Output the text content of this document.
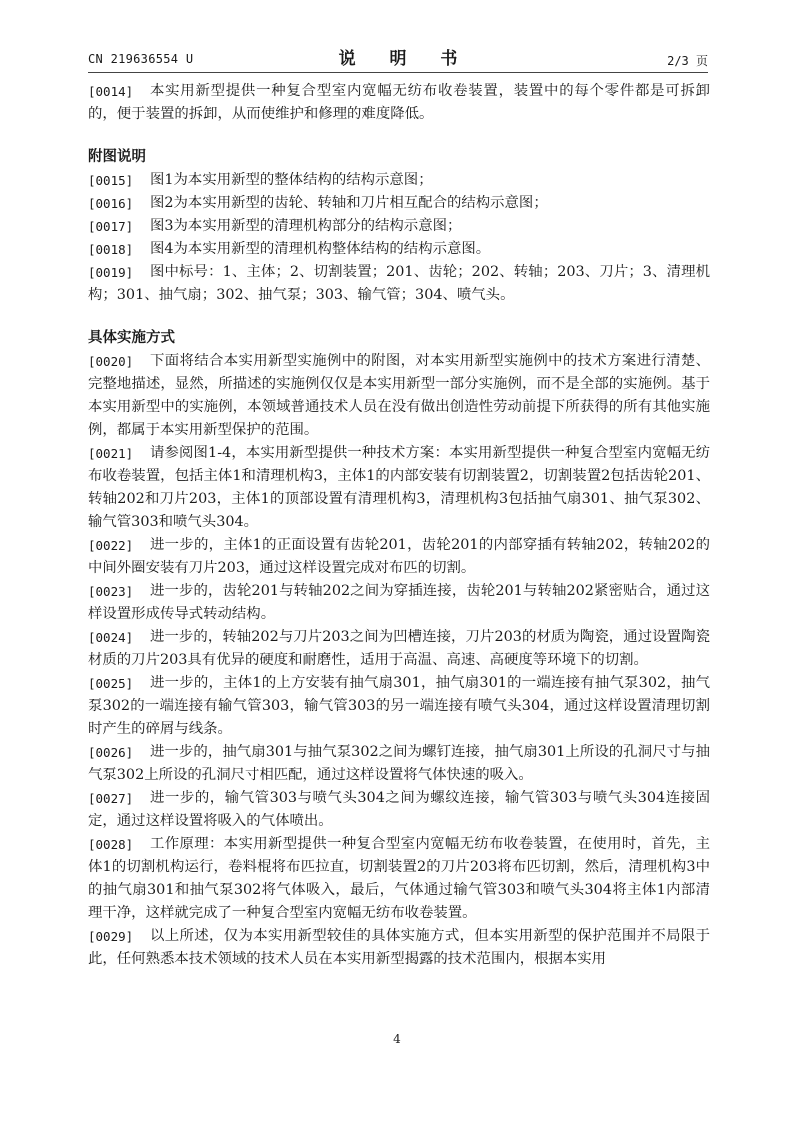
CN 219636554 U	说 明 书	2/3 页

[0014]	本实用新型提供一种复合型室内宽幅无纺布收卷装置，装置中的每个零件都是可拆卸的，便于装置的拆卸，从而使维护和修理的难度降低。

附图说明

[0015]	图1为本实用新型的整体结构的结构示意图；

[0016]	图2为本实用新型的齿轮、转轴和刀片相互配合的结构示意图；

[0017]	图3为本实用新型的清理机构部分的结构示意图；

[0018]	图4为本实用新型的清理机构整体结构的结构示意图。

[0019]	图中标号：1、主体；2、切割装置；201、齿轮；202、转轴；203、刀片；3、清理机构；301、抽气扇；302、抽气泵；303、输气管；304、喷气头。

具体实施方式

[0020]	下面将结合本实用新型实施例中的附图，对本实用新型实施例中的技术方案进行清楚、完整地描述，显然，所描述的实施例仅仅是本实用新型一部分实施例，而不是全部的实施例。基于本实用新型中的实施例，本领域普通技术人员在没有做出创造性劳动前提下所获得的所有其他实施例，都属于本实用新型保护的范围。

[0021]	请参阅图1-4，本实用新型提供一种技术方案：本实用新型提供一种复合型室内宽幅无纺布收卷装置，包括主体1和清理机构3，主体1的内部安装有切割装置2，切割装置2包括齿轮201、转轴202和刀片203，主体1的顶部设置有清理机构3，清理机构3包括抽气扇301、抽气泵302、输气管303和喷气头304。

[0022]	进一步的，主体1的正面设置有齿轮201，齿轮201的内部穿插有转轴202，转轴202的中间外圈安装有刀片203，通过这样设置完成对布匹的切割。

[0023]	进一步的，齿轮201与转轴202之间为穿插连接，齿轮201与转轴202紧密贴合，通过这样设置形成传导式转动结构。

[0024]	进一步的，转轴202与刀片203之间为凹槽连接，刀片203的材质为陶瓷，通过设置陶瓷材质的刀片203具有优异的硬度和耐磨性，适用于高温、高速、高硬度等环境下的切割。

[0025]	进一步的，主体1的上方安装有抽气扇301，抽气扇301的一端连接有抽气泵302，抽气泵302的一端连接有输气管303，输气管303的另一端连接有喷气头304，通过这样设置清理切割时产生的碎屑与线条。

[0026]	进一步的，抽气扇301与抽气泵302之间为螺钉连接，抽气扇301上所设的孔洞尺寸与抽气泵302上所设的孔洞尺寸相匹配，通过这样设置将气体快速的吸入。

[0027]	进一步的，输气管303与喷气头304之间为螺纹连接，输气管303与喷气头304连接固定，通过这样设置将吸入的气体喷出。

[0028]	工作原理：本实用新型提供一种复合型室内宽幅无纺布收卷装置，在使用时，首先，主体1的切割机构运行，卷料棍将布匹拉直，切割装置2的刀片203将布匹切割，然后，清理机构3中的抽气扇301和抽气泵302将气体吸入，最后，气体通过输气管303和喷气头304将主体1内部清理干净，这样就完成了一种复合型室内宽幅无纺布收卷装置。

[0029]	以上所述，仅为本实用新型较佳的具体实施方式，但本实用新型的保护范围并不局限于此，任何熟悉本技术领域的技术人员在本实用新型揭露的技术范围内，根据本实用

4
